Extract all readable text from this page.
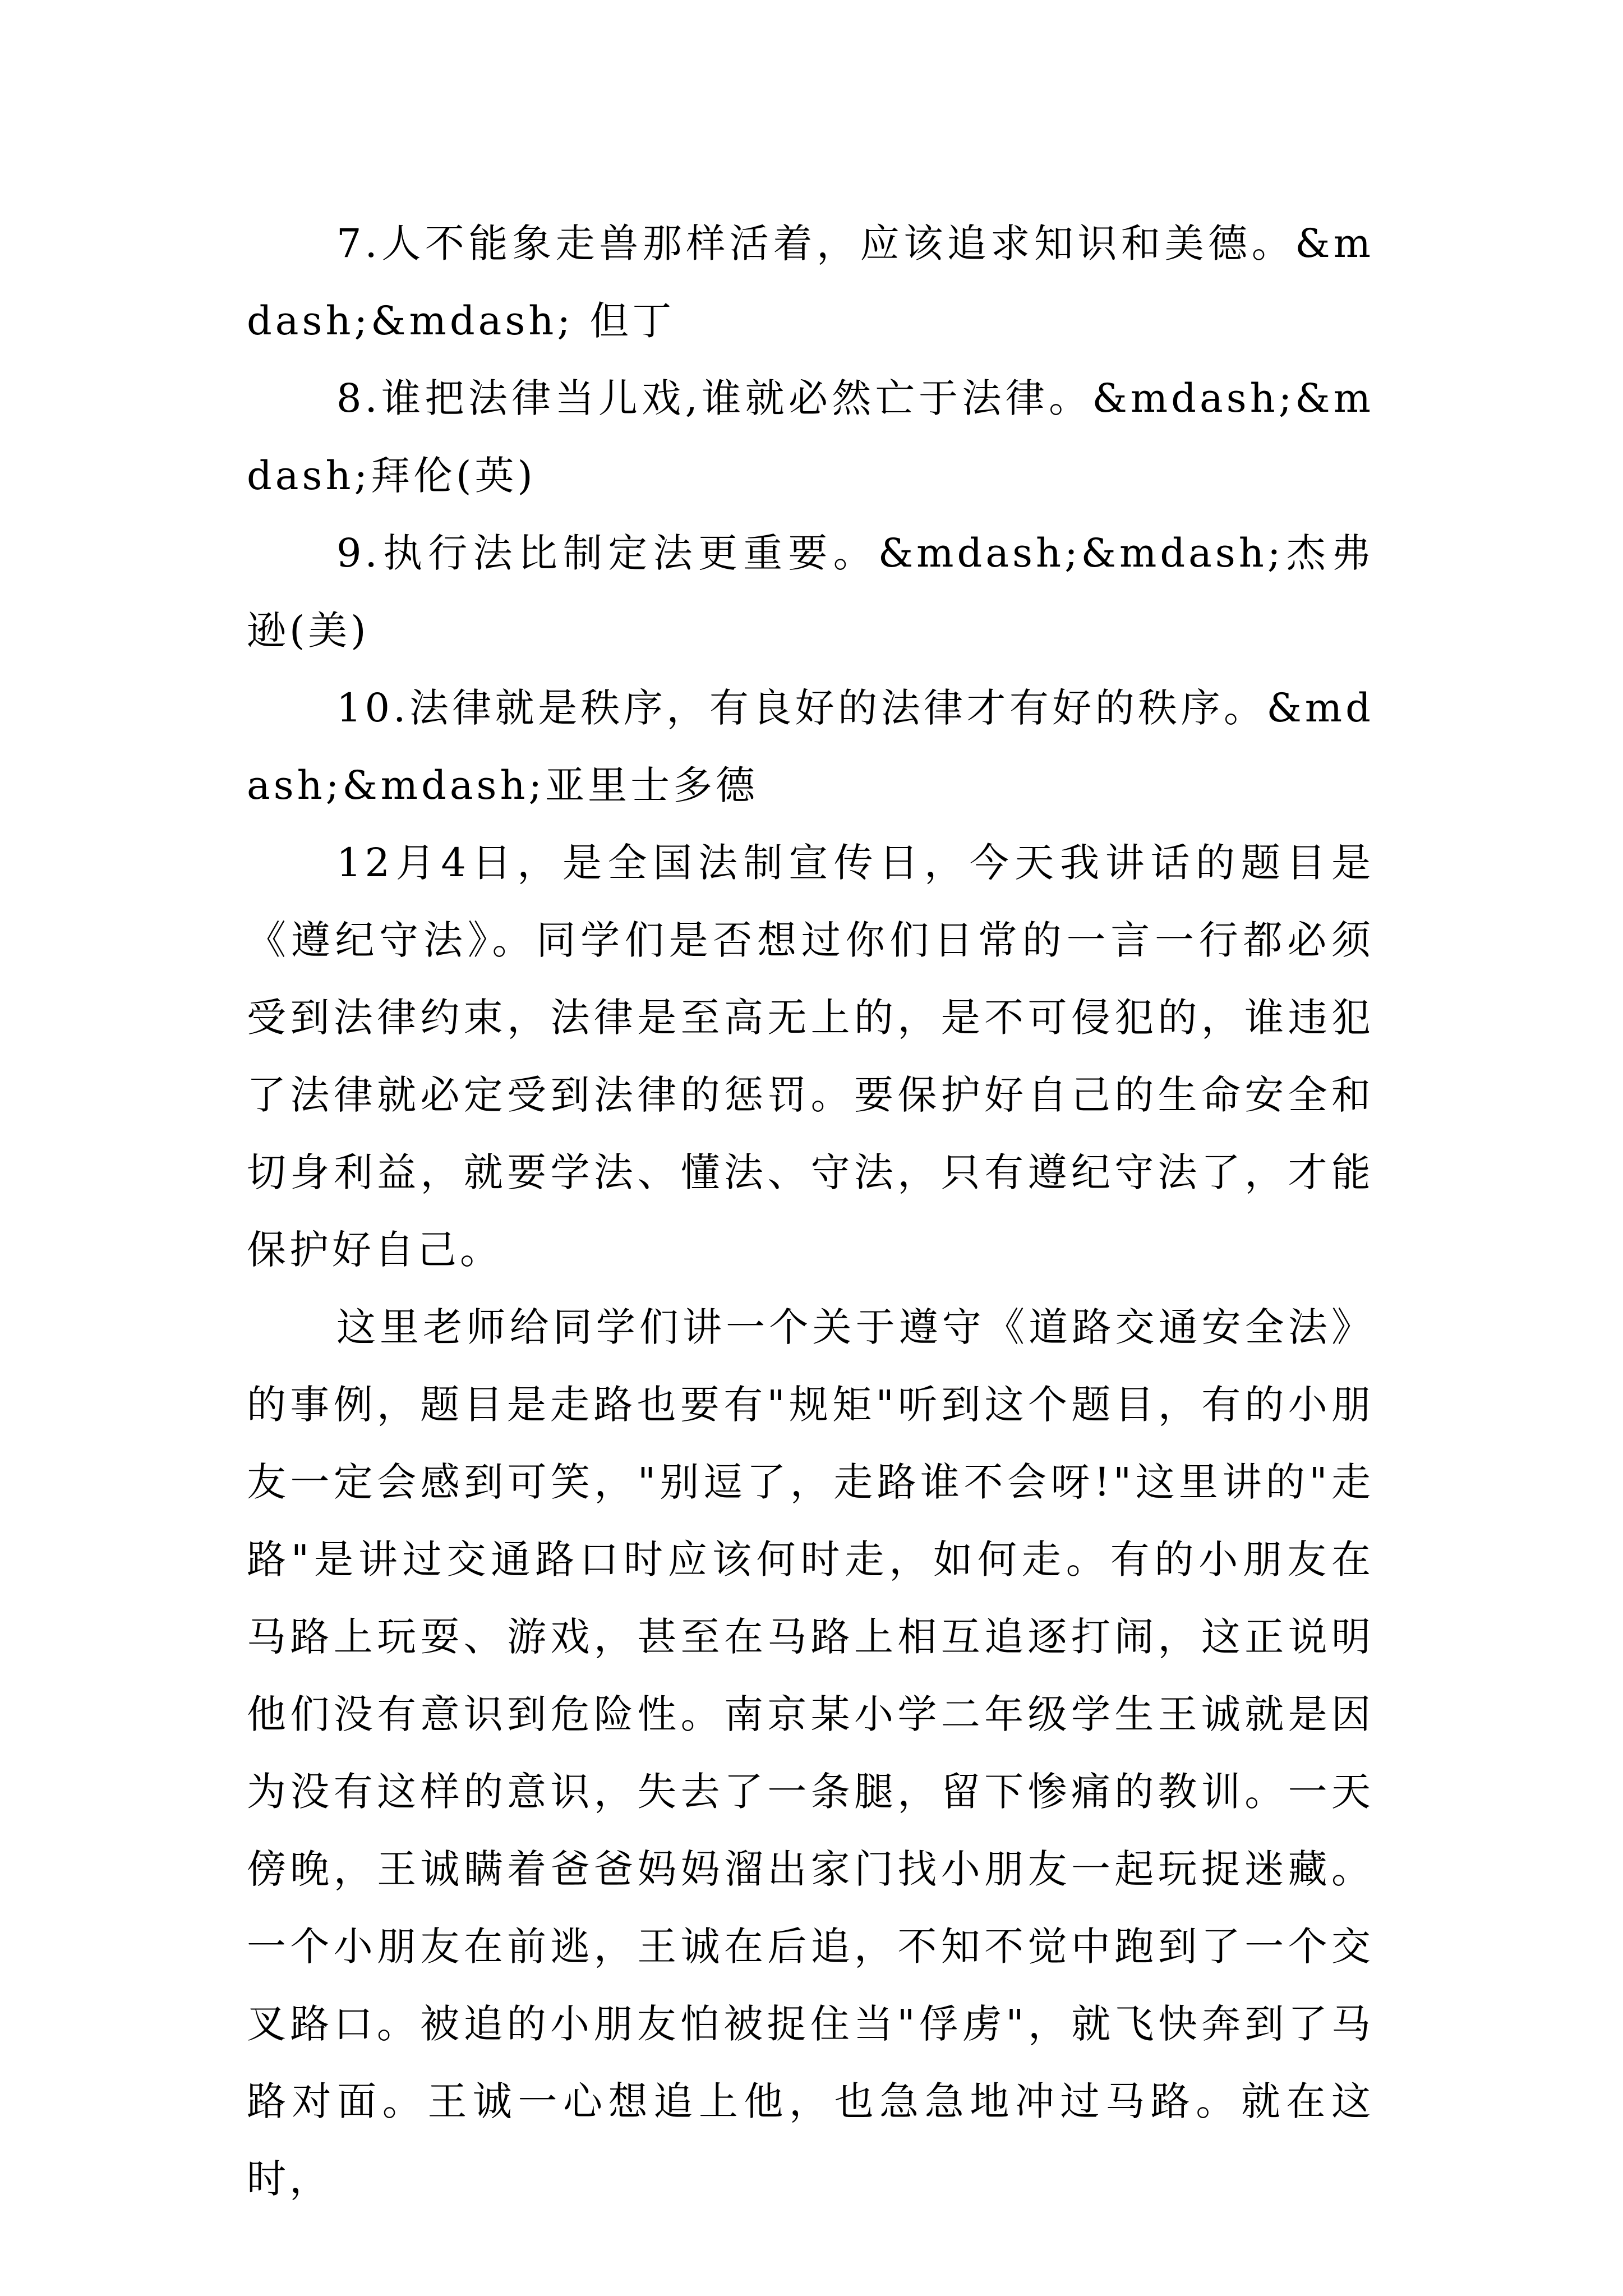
7.人不能象走兽那样活着，应该追求知识和美德。&mdash;&mdash; 但丁

8.谁把法律当儿戏,谁就必然亡于法律。&mdash;&mdash;拜伦(英)

9.执行法比制定法更重要。&mdash;&mdash;杰弗逊(美)

10.法律就是秩序，有良好的法律才有好的秩序。&mdash;&mdash;亚里士多德

12月4日，是全国法制宣传日，今天我讲话的题目是《遵纪守法》。同学们是否想过你们日常的一言一行都必须受到法律约束，法律是至高无上的，是不可侵犯的，谁违犯了法律就必定受到法律的惩罚。要保护好自己的生命安全和切身利益，就要学法、懂法、守法，只有遵纪守法了，才能保护好自己。

这里老师给同学们讲一个关于遵守《道路交通安全法》的事例，题目是走路也要有"规矩"听到这个题目，有的小朋友一定会感到可笑，"别逗了，走路谁不会呀!"这里讲的"走路"是讲过交通路口时应该何时走，如何走。有的小朋友在马路上玩耍、游戏，甚至在马路上相互追逐打闹，这正说明他们没有意识到危险性。南京某小学二年级学生王诚就是因为没有这样的意识，失去了一条腿，留下惨痛的教训。一天傍晚，王诚瞒着爸爸妈妈溜出家门找小朋友一起玩捉迷藏。一个小朋友在前逃，王诚在后追，不知不觉中跑到了一个交叉路口。被追的小朋友怕被捉住当"俘虏"，就飞快奔到了马路对面。王诚一心想追上他，也急急地冲过马路。就在这时，
